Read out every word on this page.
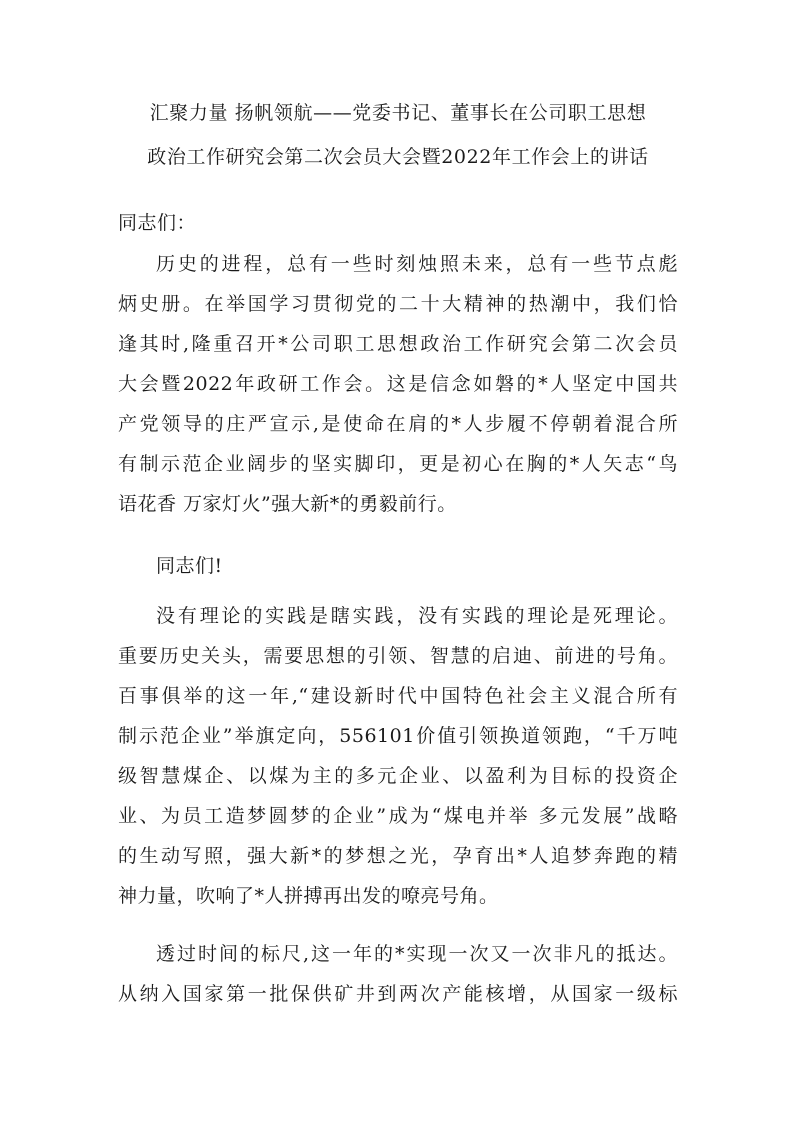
汇聚力量 扬帆领航——党委书记、董事长在公司职工思想
政治工作研究会第二次会员大会暨2022年工作会上的讲话
同志们：
历史的进程，总有一些时刻烛照未来，总有一些节点彪
炳史册。在举国学习贯彻党的二十大精神的热潮中，我们恰
逢其时,隆重召开*公司职工思想政治工作研究会第二次会员
大会暨2022年政研工作会。这是信念如磐的*人坚定中国共
产党领导的庄严宣示,是使命在肩的*人步履不停朝着混合所
有制示范企业阔步的坚实脚印，更是初心在胸的*人矢志“鸟
语花香 万家灯火”强大新*的勇毅前行。
同志们!
没有理论的实践是瞎实践，没有实践的理论是死理论。
重要历史关头，需要思想的引领、智慧的启迪、前进的号角。
百事俱举的这一年,“建设新时代中国特色社会主义混合所有
制示范企业”举旗定向，556101价值引领换道领跑，“千万吨
级智慧煤企、以煤为主的多元企业、以盈利为目标的投资企
业、为员工造梦圆梦的企业”成为“煤电并举 多元发展”战略
的生动写照，强大新*的梦想之光，孕育出*人追梦奔跑的精
神力量，吹响了*人拼搏再出发的嘹亮号角。
透过时间的标尺,这一年的*实现一次又一次非凡的抵达。
从纳入国家第一批保供矿井到两次产能核增，从国家一级标
